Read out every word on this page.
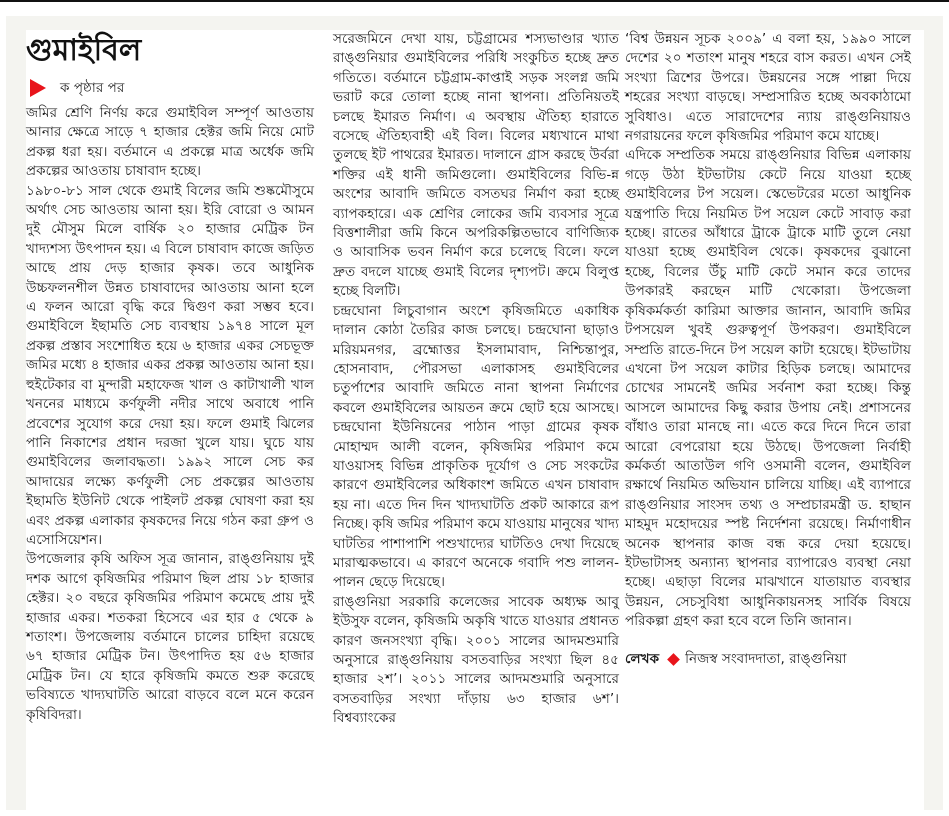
গুমাইবিল
ক পৃষ্ঠার পর

জমির শ্রেণি নির্ণয় করে গুমাইবিল সম্পূর্ণ আওতায় আনার ক্ষেত্রে সাড়ে ৭ হাজার হেক্টর জমি নিয়ে মোট প্রকল্প ধরা হয়। বর্তমানে এ প্রকল্পে মাত্র অর্ধেক জমি প্রকল্পের আওতায় চাষাবাদ হচ্ছে।

১৯৮০-৮১ সাল থেকে গুমাই বিলের জমি শুষ্কমৌসুমে অর্থাৎ সেচ আওতায় আনা হয়। ইরি বোরো ও আমন দুই মৌসুম মিলে বার্ষিক ২০ হাজার মেট্রিক টন খাদ্যশস্য উৎপাদন হয়। এ বিলে চাষাবাদ কাজে জড়িত আছে প্রায় দেড় হাজার কৃষক। তবে আধুনিক উচ্চফলনশীল উন্নত চাষাবাদের আওতায় আনা হলে এ ফলন আরো বৃদ্ধি করে দ্বিগুণ করা সম্ভব হবে। গুমাইবিলে ইছামতি সেচ ব্যবস্থায় ১৯৭৪ সালে মূল প্রকল্প প্রস্তাব সংশোধিত হয়ে ৬ হাজার একর সেচভূক্ত জমির মধ্যে ৪ হাজার একর প্রকল্প আওতায় আনা হয়। হুইটেকার বা মুন্দারী মহাফেজ খাল ও কাটাখালী খাল খননের মাধ্যমে কর্ণফুলী নদীর সাথে অবাধে পানি প্রবেশের সুযোগ করে দেয়া হয়। ফলে গুমাই ঝিলের পানি নিকাশের প্রধান দরজা খুলে যায়। ঘুচে যায় গুমাইবিলের জলাবদ্ধতা। ১৯৯২ সালে সেচ কর আদায়ের লক্ষ্যে কর্ণফুলী সেচ প্রকল্পের আওতায় ইছামতি ইউনিট থেকে পাইলট প্রকল্প ঘোষণা করা হয় এবং প্রকল্প এলাকার কৃষকদের নিয়ে গঠন করা গ্রুপ ও এসোসিয়েশন।

উপজেলার কৃষি অফিস সূত্র জানান, রাঙ্গুনিয়ায় দুই দশক আগে কৃষিজমির পরিমাণ ছিল প্রায় ১৮ হাজার হেক্টর। ২০ বছরে কৃষিজমির পরিমাণ কমেছে প্রায় দুই হাজার একর। শতকরা হিসেবে এর হার ৫ থেকে ৯ শতাংশ। উপজেলায় বর্তমানে চালের চাহিদা রয়েছে ৬৭ হাজার মেট্রিক টন। উৎপাদিত হয় ৫৬ হাজার মেট্রিক টন। যে হারে কৃষিজমি কমতে শুরু করেছে ভবিষ্যতে খাদ্যঘাটতি আরো বাড়বে বলে মনে করেন কৃষিবিদরা।

সরেজমিনে দেখা যায়, চট্টগ্রামের শস্যভাণ্ডার খ্যাত রাঙ্গুনিয়ার গুমাইবিলের পরিধি সংকুচিত হচ্ছে দ্রুত গতিতে। বর্তমানে চট্টগ্রাম-কাপ্তাই সড়ক সংলগ্ন জমি ভরাট করে তোলা হচ্ছে নানা স্থাপনা। প্রতিনিয়তই চলছে ইমারত নির্মাণ। এ অবস্থায় ঐতিহ্য হারাতে বসেছে ঐতিহ্যবাহী এই বিল। বিলের মধ্যখানে মাথা তুলছে ইট পাথরের ইমারত। দালানে গ্রাস করছে উর্বরা শক্তির এই ধানী জমিগুলো। গুমাইবিলের বিভি-ন্ন অংশের আবাদি জমিতে বসতঘর নির্মাণ করা হচ্ছে ব্যাপকহারে। এক শ্রেণির লোকের জমি ব্যবসার সূত্রে বিত্তশালীরা জমি কিনে অপরিকল্পিতভাবে বাণিজ্যিক ও আবাসিক ভবন নির্মাণ করে চলেছে বিলে। ফলে দ্রুত বদলে যাচ্ছে গুমাই বিলের দৃশ্যপট। ক্রমে বিলুপ্ত হচ্ছে বিলটি।

চন্দ্রঘোনা লিচুবাগান অংশে কৃষিজমিতে একাধিক দালান কোঠা তৈরির কাজ চলছে। চন্দ্রঘোনা ছাড়াও মরিয়মনগর, ব্রহ্মোত্তর ইসলামাবাদ, নিশ্চিন্তাপুর, হোসনাবাদ, পৌরসভা এলাকাসহ গুমাইবিলের চতুর্পাশের আবাদি জমিতে নানা স্থাপনা নির্মাণের কবলে গুমাইবিলের আয়তন ক্রমে ছোট হয়ে আসছে। চন্দ্রঘোনা ইউনিয়নের পাঠান পাড়া গ্রামের কৃষক মোহাম্মদ আলী বলেন, কৃষিজমির পরিমাণ কমে যাওয়াসহ বিভিন্ন প্রাকৃতিক দূর্যোগ ও সেচ সংকটের কারণে গুমাইবিলের অধিকাংশ জমিতে এখন চাষাবাদ হয় না। এতে দিন দিন খাদ্যঘাটতি প্রকট আকারে রূপ নিচ্ছে। কৃষি জমির পরিমাণ কমে যাওয়ায় মানুষের খাদ্য ঘাটতির পাশাপাশি পশুখাদ্যের ঘাটতিও দেখা দিয়েছে মারাত্মকভাবে। এ কারণে অনেকে গবাদি পশু লালন-পালন ছেড়ে দিয়েছে।

রাঙ্গুনিয়া সরকারি কলেজের সাবেক অধ্যক্ষ আবু ইউসুফ বলেন, কৃষিজমি অকৃষি খাতে যাওয়ার প্রধানত কারণ জনসংখ্যা বৃদ্ধি। ২০০১ সালের আদমশুমারি অনুসারে রাঙ্গুনিয়ায় বসতবাড়ির সংখ্যা ছিল ৪৫ হাজার ২শ’। ২০১১ সালের আদমশুমারি অনুসারে বসতবাড়ির সংখ্যা দাঁড়ায় ৬৩ হাজার ৬শ’। বিশ্বব্যাংকের

‘বিশ্ব উন্নয়ন সূচক ২০০৯’ এ বলা হয়, ১৯৯০ সালে দেশের ২০ শতাংশ মানুষ শহরে বাস করত। এখন সেই সংখ্যা ত্রিশের উপরে। উন্নয়নের সঙ্গে পাল্লা দিয়ে শহরের সংখ্যা বাড়ছে। সম্প্রসারিত হচ্ছে অবকাঠামো সুবিধাও। এতে সারাদেশের ন্যায় রাঙ্গুনিয়ায়ও নগরায়নের ফলে কৃষিজমির পরিমাণ কমে যাচ্ছে।

এদিকে সম্প্রতিক সময়ে রাঙ্গুনিয়ার বিভিন্ন এলাকায় গড়ে উঠা ইটভাটায় কেটে নিয়ে যাওয়া হচ্ছে গুমাইবিলের টপ সয়েল। স্কেভেটরের মতো আধুনিক যন্ত্রপাতি দিয়ে নিয়মিত টপ সয়েল কেটে সাবাড় করা হচ্ছে। রাতের আঁধারে ট্রাকে ট্রাকে মাটি তুলে নেয়া যাওয়া হচ্ছে গুমাইবিল থেকে। কৃষকদের বুঝানো হচ্ছে, বিলের উঁচু মাটি কেটে সমান করে তাদের উপকারই করছেন মাটি খেকোরা। উপজেলা কৃষিকর্মকর্তা কারিমা আক্তার জানান, আবাদি জমির টপসয়েল খুবই গুরুত্বপূর্ণ উপকরণ। গুমাইবিলে সম্প্রতি রাতে-দিনে টপ সয়েল কাটা হয়েছে। ইটভাটায় এখনো টপ সয়েল কাটার হিড়িক চলছে। আমাদের চোখের সামনেই জমির সর্বনাশ করা হচ্ছে। কিন্তু আসলে আমাদের কিছু করার উপায় নেই। প্রশাসনের বাঁধাও তারা মানছে না। এতে করে দিনে দিনে তারা আরো বেপরোয়া হয়ে উঠছে। উপজেলা নির্বাহী কর্মকর্তা আতাউল গণি ওসমানী বলেন, গুমাইবিল রক্ষার্থে নিয়মিত অভিযান চালিয়ে যাচ্ছি। এই ব্যাপারে রাঙ্গুনিয়ার সাংসদ তথ্য ও সম্প্রচারমন্ত্রী ড. হাছান মাহমুদ মহোদয়ের স্পষ্ট নির্দেশনা রয়েছে। নির্মাণাধীন অনেক স্থাপনার কাজ বন্ধ করে দেয়া হয়েছে। ইটভাটাসহ অন্যান্য স্থাপনার ব্যাপারেও ব্যবস্থা নেয়া হচ্ছে। এছাড়া বিলের মাঝখানে যাতায়াত ব্যবস্থার উন্নয়ন, সেচসুবিধা আধুনিকায়নসহ সার্বিক বিষয়ে পরিকল্পা গ্রহণ করা হবে বলে তিনি জানান।

লেখক নিজস্ব সংবাদদাতা, রাঙ্গুনিয়া
